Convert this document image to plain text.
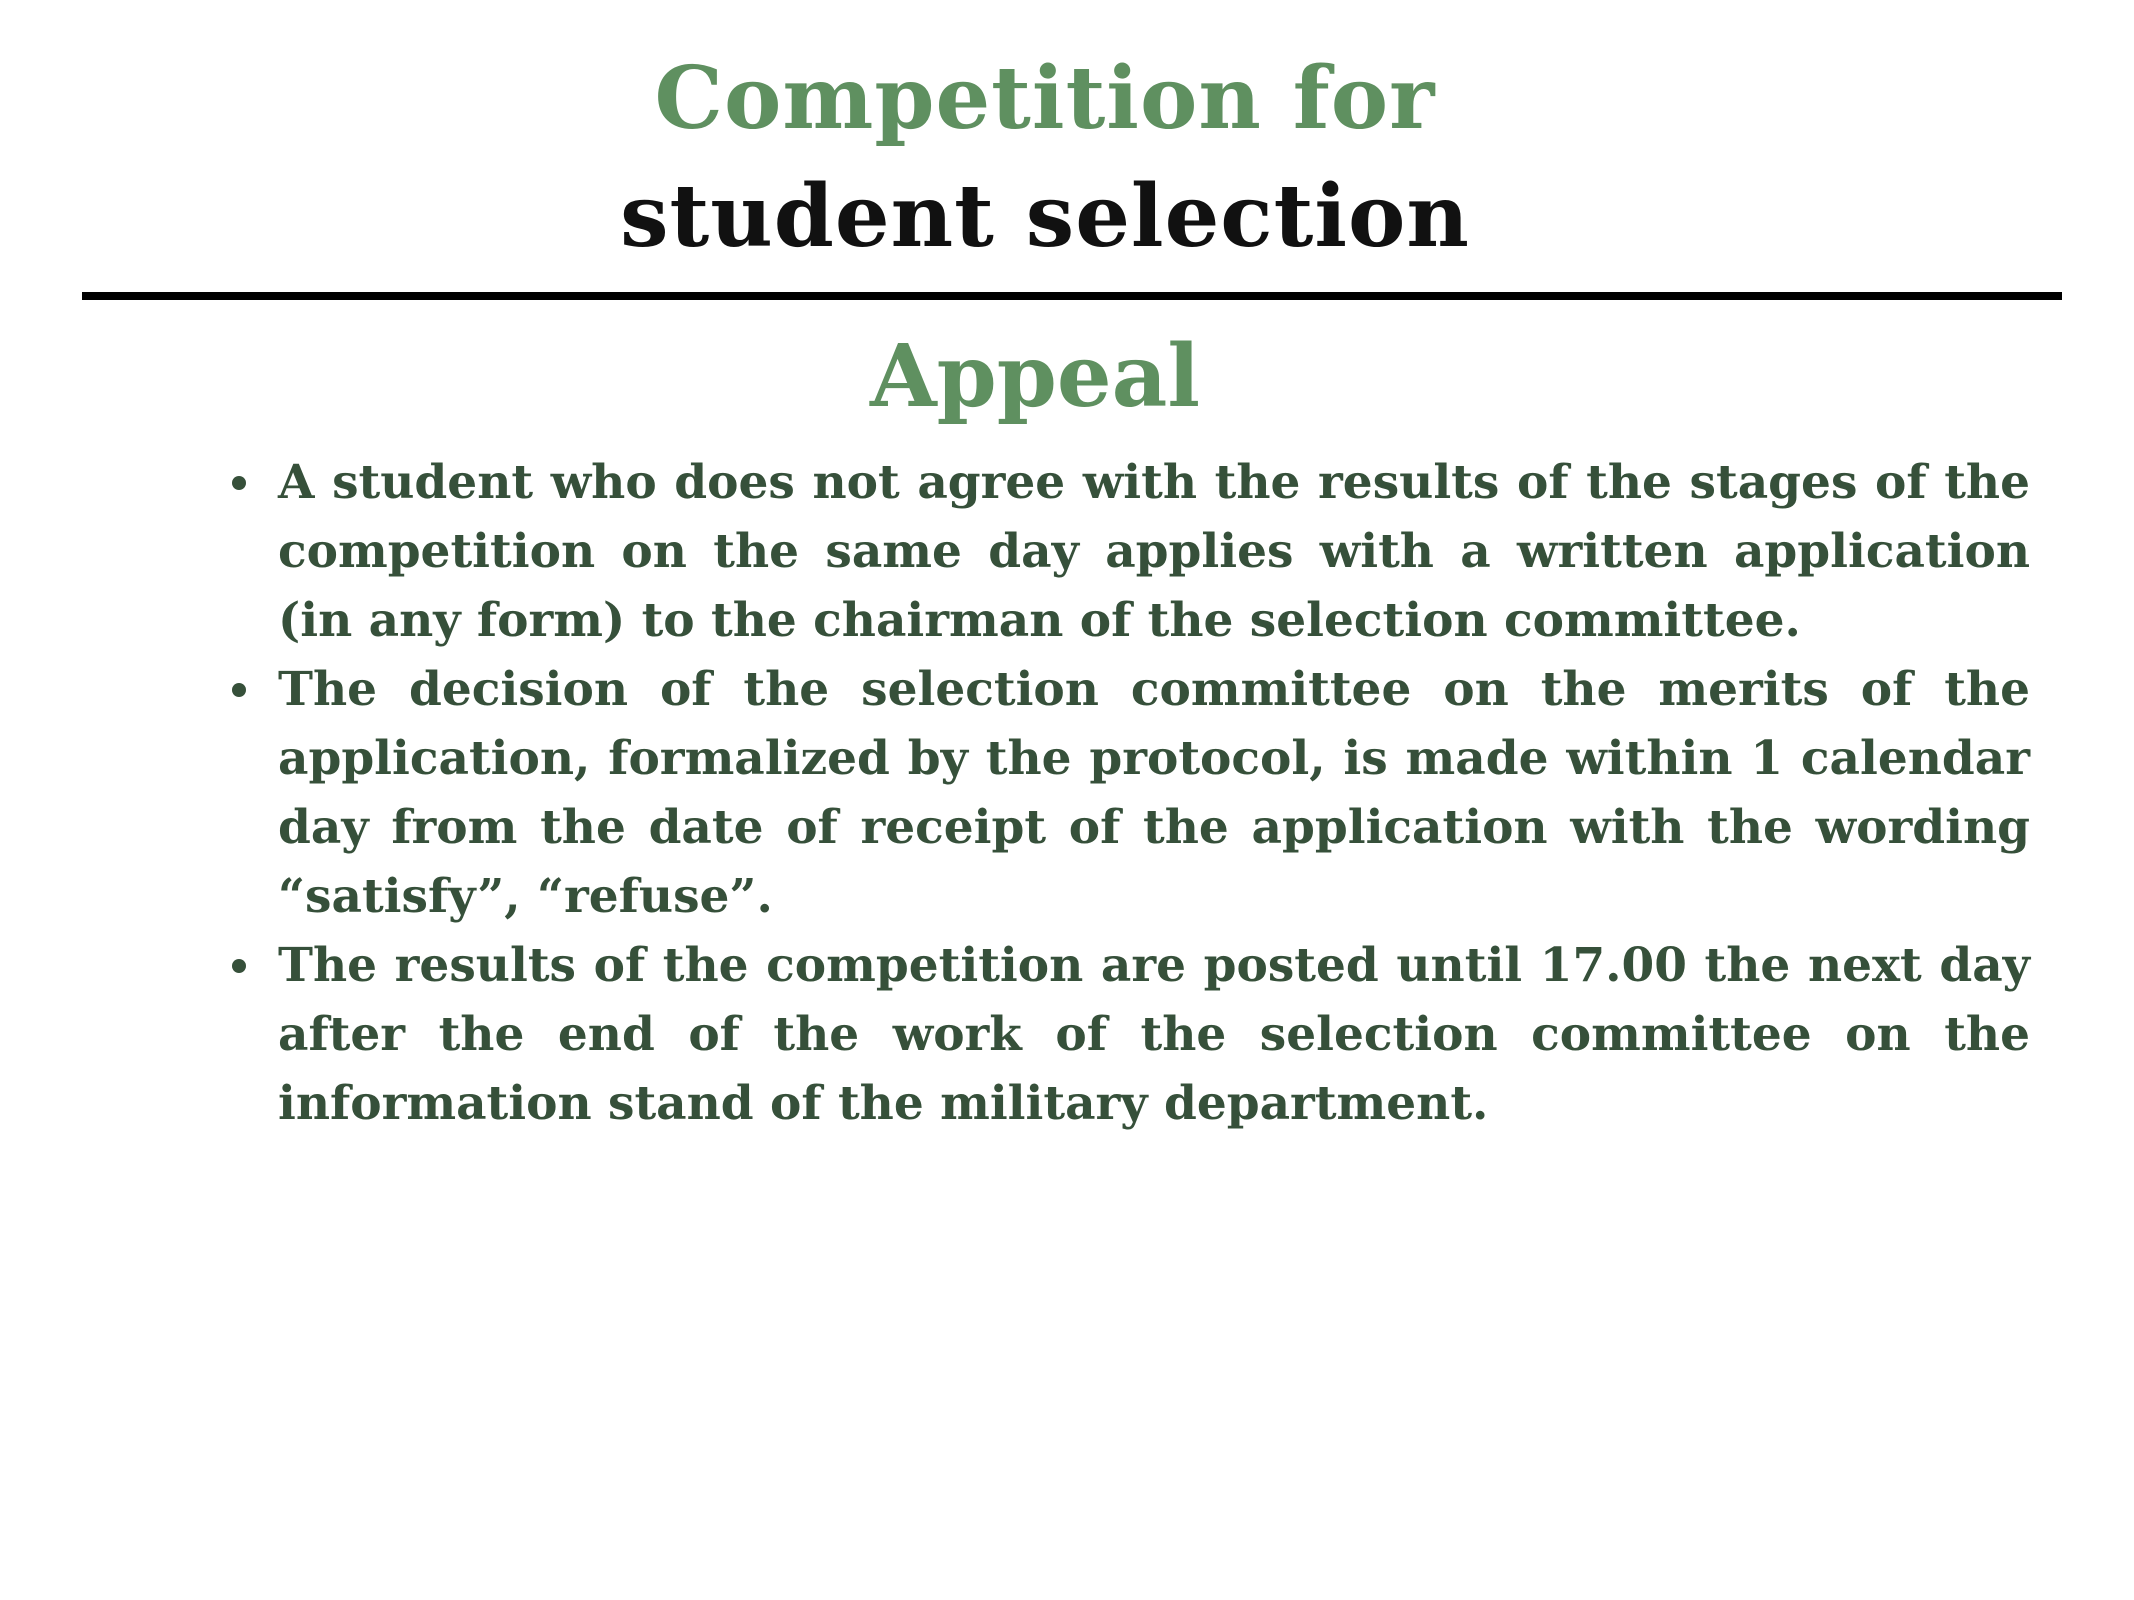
Competition for
student selection
Appeal
A student who does not agree with the results of the stages of the competition on the same day applies with a written application (in any form) to the chairman of the selection committee.
The decision of the selection committee on the merits of the application, formalized by the protocol, is made within 1 calendar day from the date of receipt of the application with the wording “satisfy”, “refuse”.
The results of the competition are posted until 17.00 the next day after the end of the work of the selection committee on the information stand of the military department.
